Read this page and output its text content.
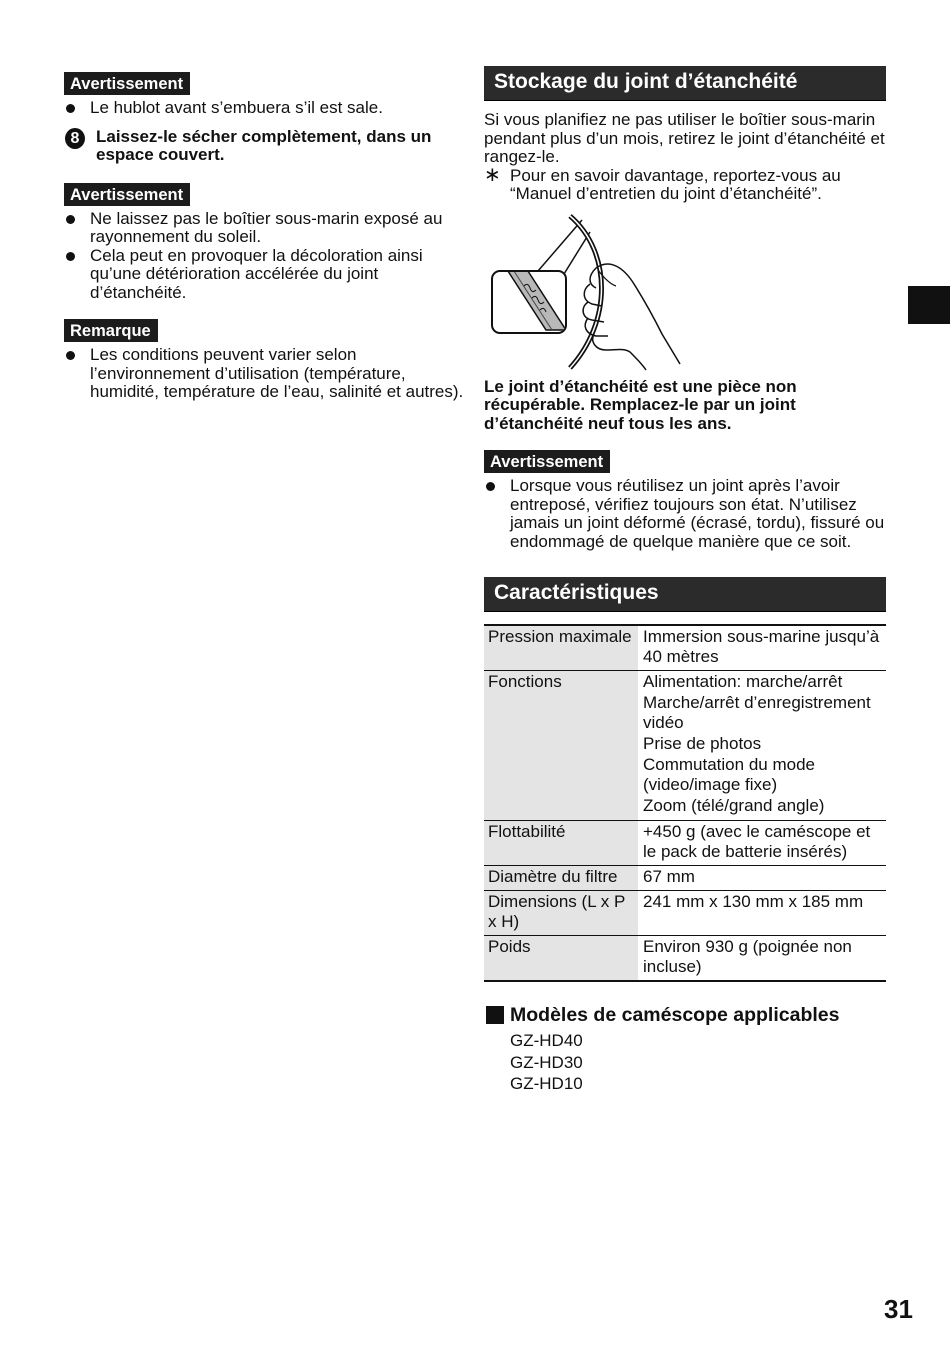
Avertissement
Le hublot avant s’embuera s’il est sale.
8 Laissez-le sécher complètement, dans un espace couvert.
Avertissement
Ne laissez pas le boîtier sous-marin exposé au rayonnement du soleil.
Cela peut en provoquer la décoloration ainsi qu’une détérioration accélérée du joint d’étanchéité.
Remarque
Les conditions peuvent varier selon l’environnement d’utilisation (température, humidité, température de l’eau, salinité et autres).
Stockage du joint d’étanchéité

Si vous planifiez ne pas utiliser le boîtier sous-marin pendant plus d’un mois, retirez le joint d’étanchéité et rangez-le.

∗ Pour en savoir davantage, reportez-vous au “Manuel d’entretien du joint d’étanchéité”.

Le joint d’étanchéité est une pièce non récupérable. Remplacez-le par un joint d’étanchéité neuf tous les ans.

Avertissement
Lorsque vous réutilisez un joint après l’avoir entreposé, vérifiez toujours son état. N’utilisez jamais un joint déformé (écrasé, tordu), fissuré ou endommagé de quelque manière que ce soit.
Caractéristiques
Pression maximale	Immersion sous-marine jusqu’à 40 mètres
Fonctions	Alimentation: marche/arrêt
Marche/arrêt d’enregistrement vidéo
Prise de photos
Commutation du mode (video/image fixe)
Zoom (télé/grand angle)

Flottabilité	+450 g (avec le caméscope et le pack de batterie insérés)
Diamètre du filtre	67 mm
Dimensions (L x P x H)	241 mm x 130 mm x 185 mm
Poids	Environ 930 g (poignée non incluse)
Modèles de caméscope applicables
GZ-HD40
GZ-HD30
GZ-HD10
31
